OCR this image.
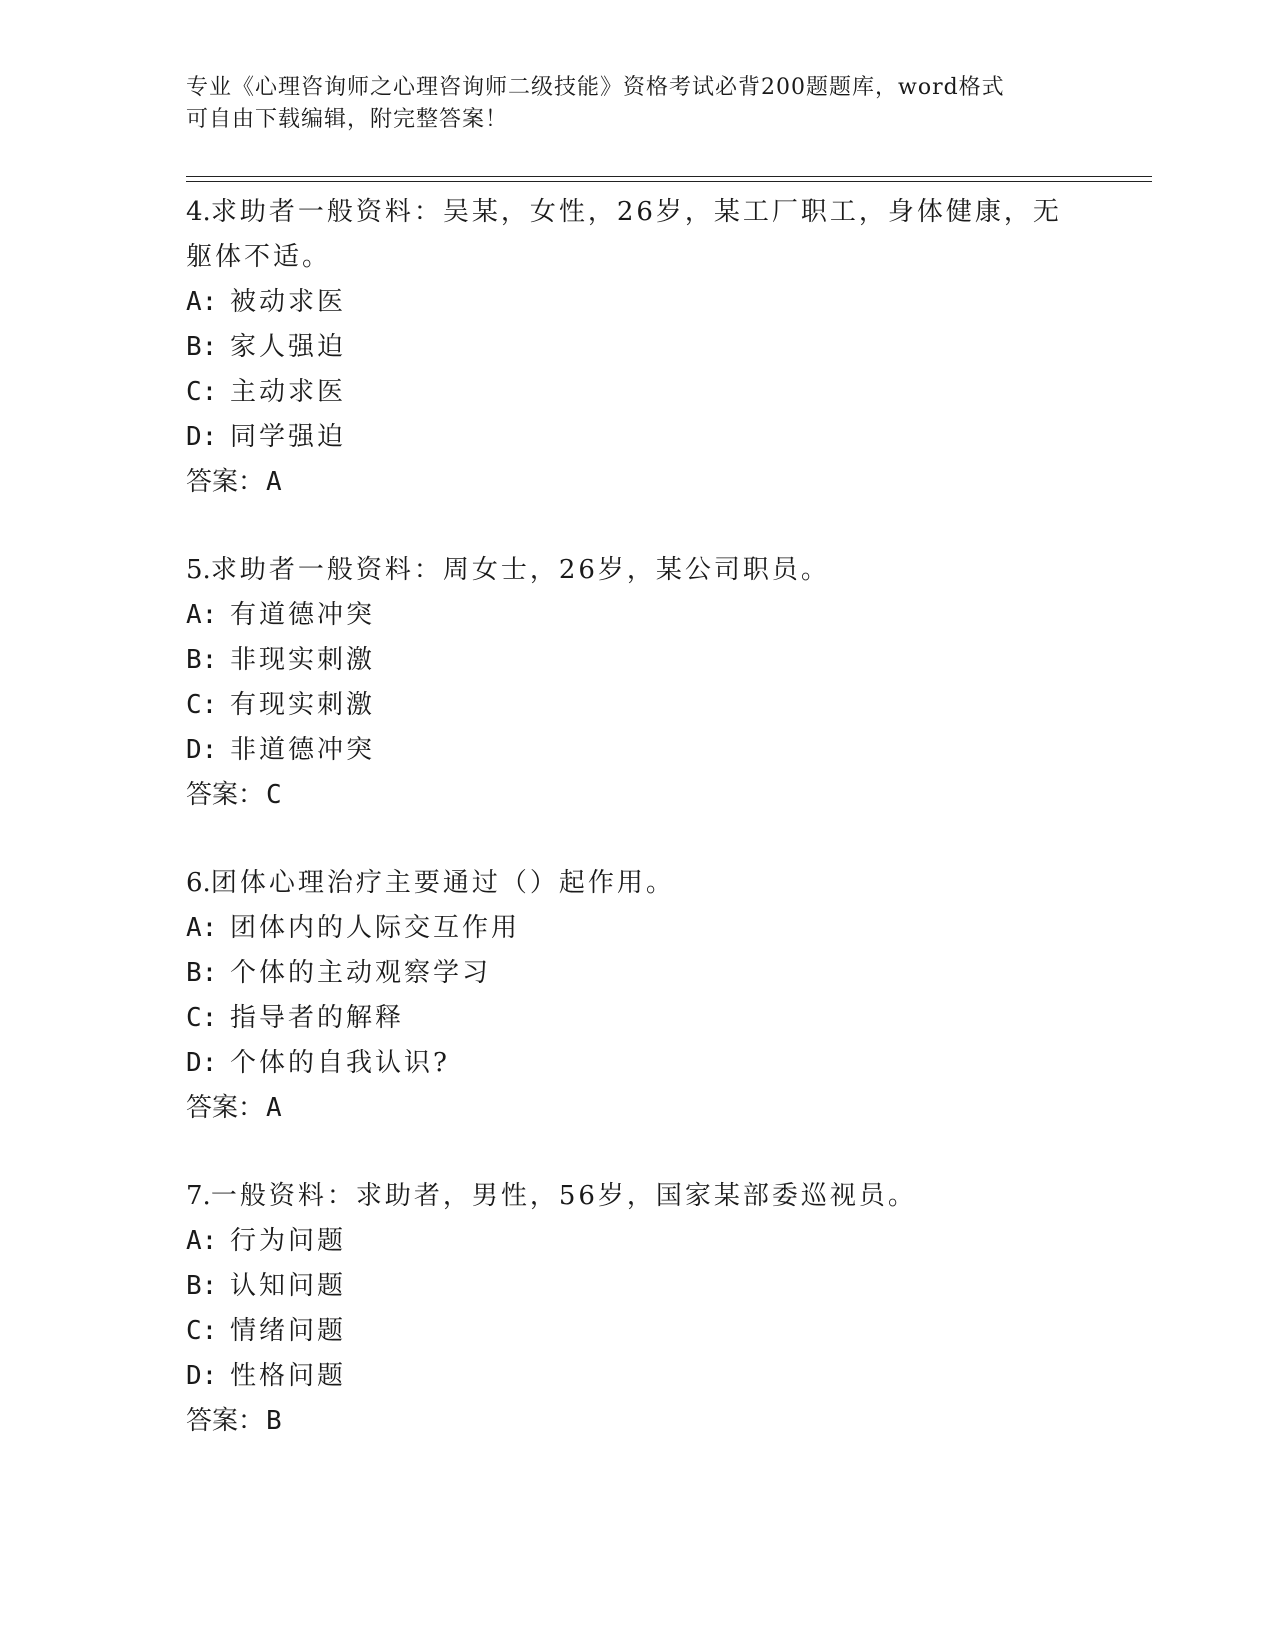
专业《心理咨询师之心理咨询师二级技能》资格考试必背200题题库，word格式
可自由下载编辑，附完整答案！

4.求助者一般资料：吴某，女性，26岁，某工厂职工，身体健康，无躯体不适。

A: 被动求医
B: 家人强迫
C: 主动求医
D: 同学强迫
答案：A

5.求助者一般资料：周女士，26岁，某公司职员。

A: 有道德冲突
B: 非现实刺激
C: 有现实刺激
D: 非道德冲突
答案：C

6.团体心理治疗主要通过（）起作用。

A: 团体内的人际交互作用
B: 个体的主动观察学习
C: 指导者的解释
D: 个体的自我认识?
答案：A

7.一般资料：求助者，男性，56岁，国家某部委巡视员。

A: 行为问题
B: 认知问题
C: 情绪问题
D: 性格问题
答案：B
